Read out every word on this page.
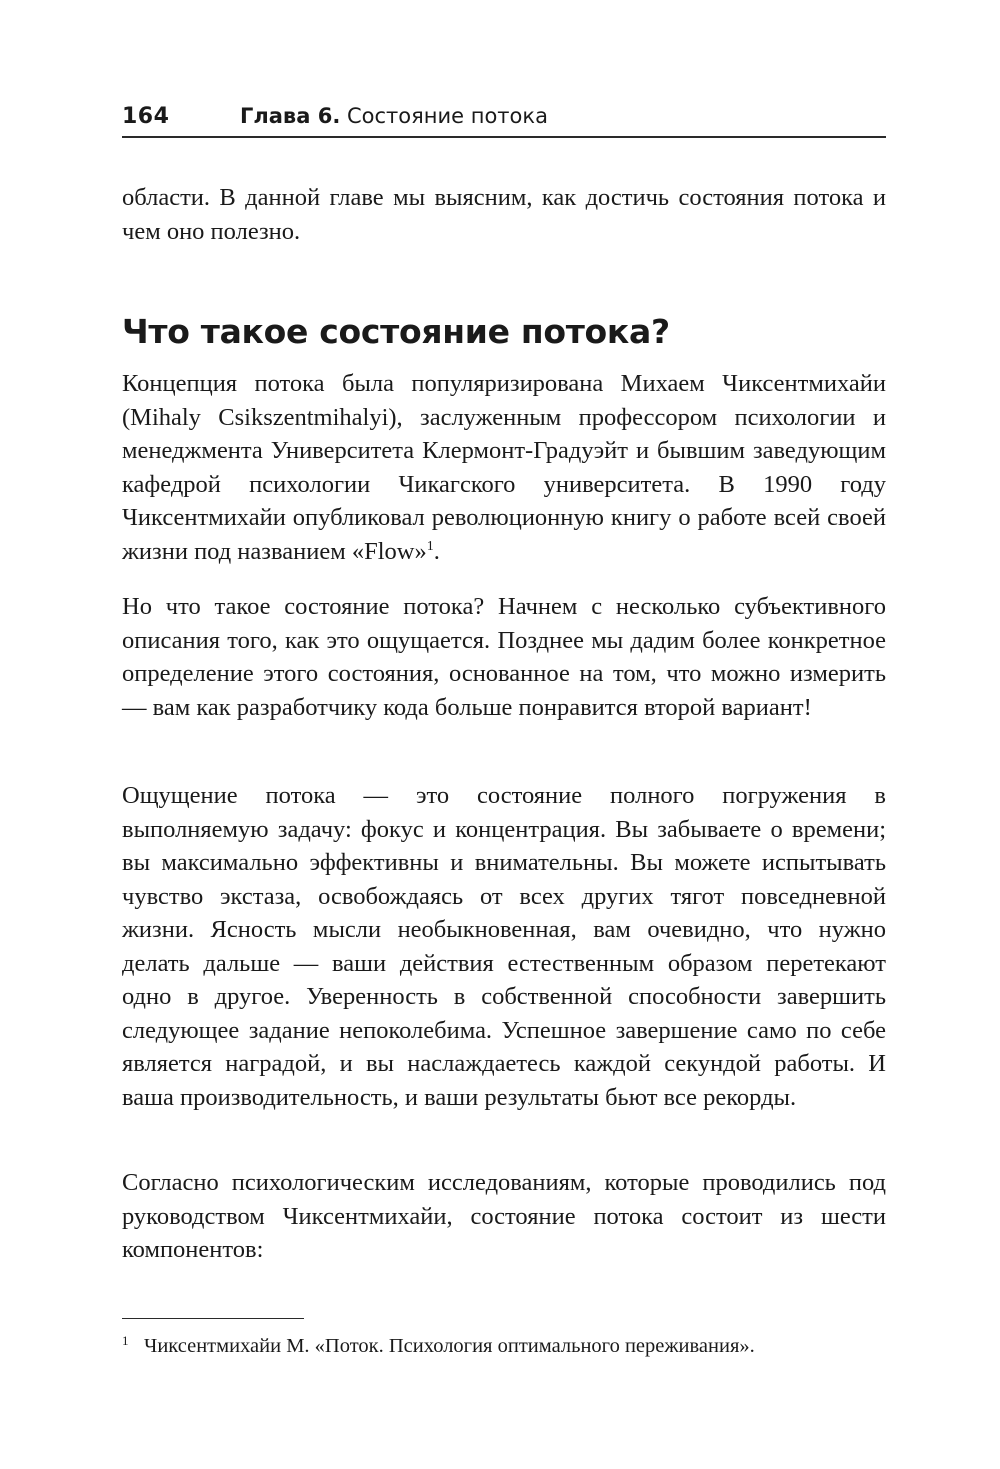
164	Глава 6. Состояние потока

области. В данной главе мы выясним, как достичь состояния потока и чем оно полезно.

Что такое состояние потока?

Концепция потока была популяризирована Михаем Чиксентмихайи (Mihaly Csikszentmihalyi), заслуженным профессором психологии и менеджмента Университета Клермонт-Градуэйт и бывшим заведующим кафедрой психологии Чикагского университета. В 1990 году Чиксентмихайи опубликовал революционную книгу о работе всей своей жизни под названием «Flow»$^1$.

Но что такое состояние потока? Начнем с несколько субъективного описания того, как это ощущается. Позднее мы дадим более конкретное определение этого состояния, основанное на том, что можно измерить — вам как разработчику кода больше понравится второй вариант!

Ощущение потока — это состояние полного погружения в выполняемую задачу: фокус и концентрация. Вы забываете о времени; вы максимально эффективны и внимательны. Вы можете испытывать чувство экстаза, освобождаясь от всех других тягот повседневной жизни. Ясность мысли необыкновенная, вам очевидно, что нужно делать дальше — ваши действия естественным образом перетекают одно в другое. Уверенность в собственной способности завершить следующее задание непоколебима. Успешное завершение само по себе является наградой, и вы наслаждаетесь каждой секундой работы. И ваша производительность, и ваши результаты бьют все рекорды.

Согласно психологическим исследованиям, которые проводились под руководством Чиксентмихайи, состояние потока состоит из шести компонентов:

1 Чиксентмихайи М. «Поток. Психология оптимального переживания».
